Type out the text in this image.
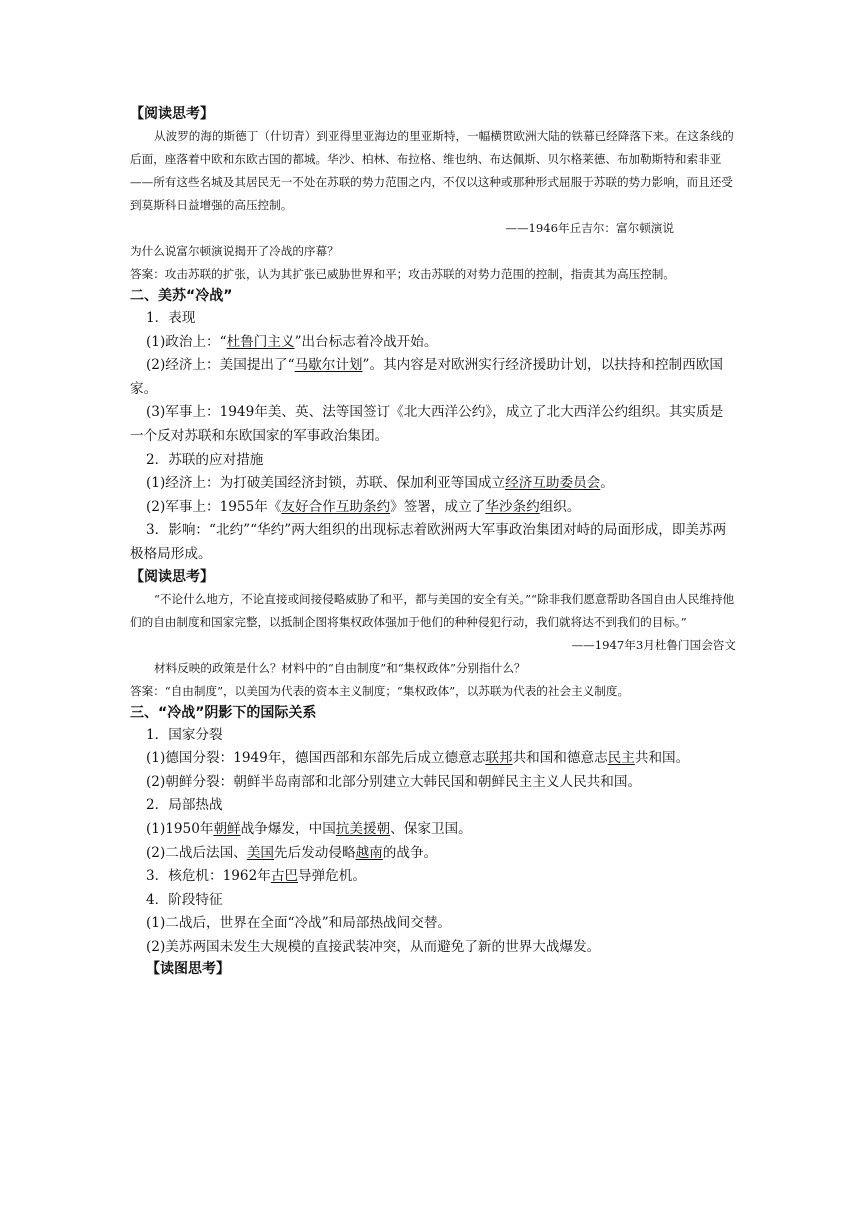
【阅读思考】
从波罗的海的斯德丁（什切青）到亚得里亚海边的里亚斯特，一幅横贯欧洲大陆的铁幕已经降落下来。在这条线的后面，座落着中欧和东欧古国的都城。华沙、柏林、布拉格、维也纳、布达佩斯、贝尔格莱德、布加勒斯特和索非亚——所有这些名城及其居民无一不处在苏联的势力范围之内，不仅以这种或那种形式屈服于苏联的势力影响，而且还受到莫斯科日益增强的高压控制。
——1946年丘吉尔：富尔顿演说
为什么说富尔顿演说揭开了冷战的序幕？
答案：攻击苏联的扩张，认为其扩张已威胁世界和平；攻击苏联的对势力范围的控制，指责其为高压控制。
二、美苏“冷战”
1．表现
(1)政治上：“杜鲁门主义”出台标志着冷战开始。
(2)经济上：美国提出了“马歇尔计划”。其内容是对欧洲实行经济援助计划，以扶持和控制西欧国家。
(3)军事上：1949年美、英、法等国签订《北大西洋公约》，成立了北大西洋公约组织。其实质是一个反对苏联和东欧国家的军事政治集团。
2．苏联的应对措施
(1)经济上：为打破美国经济封锁，苏联、保加利亚等国成立经济互助委员会。
(2)军事上：1955年《友好合作互助条约》签署，成立了华沙条约组织。
3．影响：“北约”“华约”两大组织的出现标志着欧洲两大军事政治集团对峙的局面形成，即美苏两极格局形成。
【阅读思考】
“不论什么地方，不论直接或间接侵略威胁了和平，都与美国的安全有关。”“除非我们愿意帮助各国自由人民维持他们的自由制度和国家完整，以抵制企图将集权政体强加于他们的种种侵犯行动，我们就将达不到我们的目标。”
——1947年3月杜鲁门国会咨文
材料反映的政策是什么？材料中的“自由制度”和“集权政体”分别指什么？
答案：“自由制度”，以美国为代表的资本主义制度；“集权政体”，以苏联为代表的社会主义制度。
三、“冷战”阴影下的国际关系
1．国家分裂
(1)德国分裂：1949年，德国西部和东部先后成立德意志联邦共和国和德意志民主共和国。
(2)朝鲜分裂：朝鲜半岛南部和北部分别建立大韩民国和朝鲜民主主义人民共和国。
2．局部热战
(1)1950年朝鲜战争爆发，中国抗美援朝、保家卫国。
(2)二战后法国、美国先后发动侵略越南的战争。
3．核危机：1962年古巴导弹危机。
4．阶段特征
(1)二战后，世界在全面“冷战”和局部热战间交替。
(2)美苏两国未发生大规模的直接武装冲突，从而避免了新的世界大战爆发。
【读图思考】
